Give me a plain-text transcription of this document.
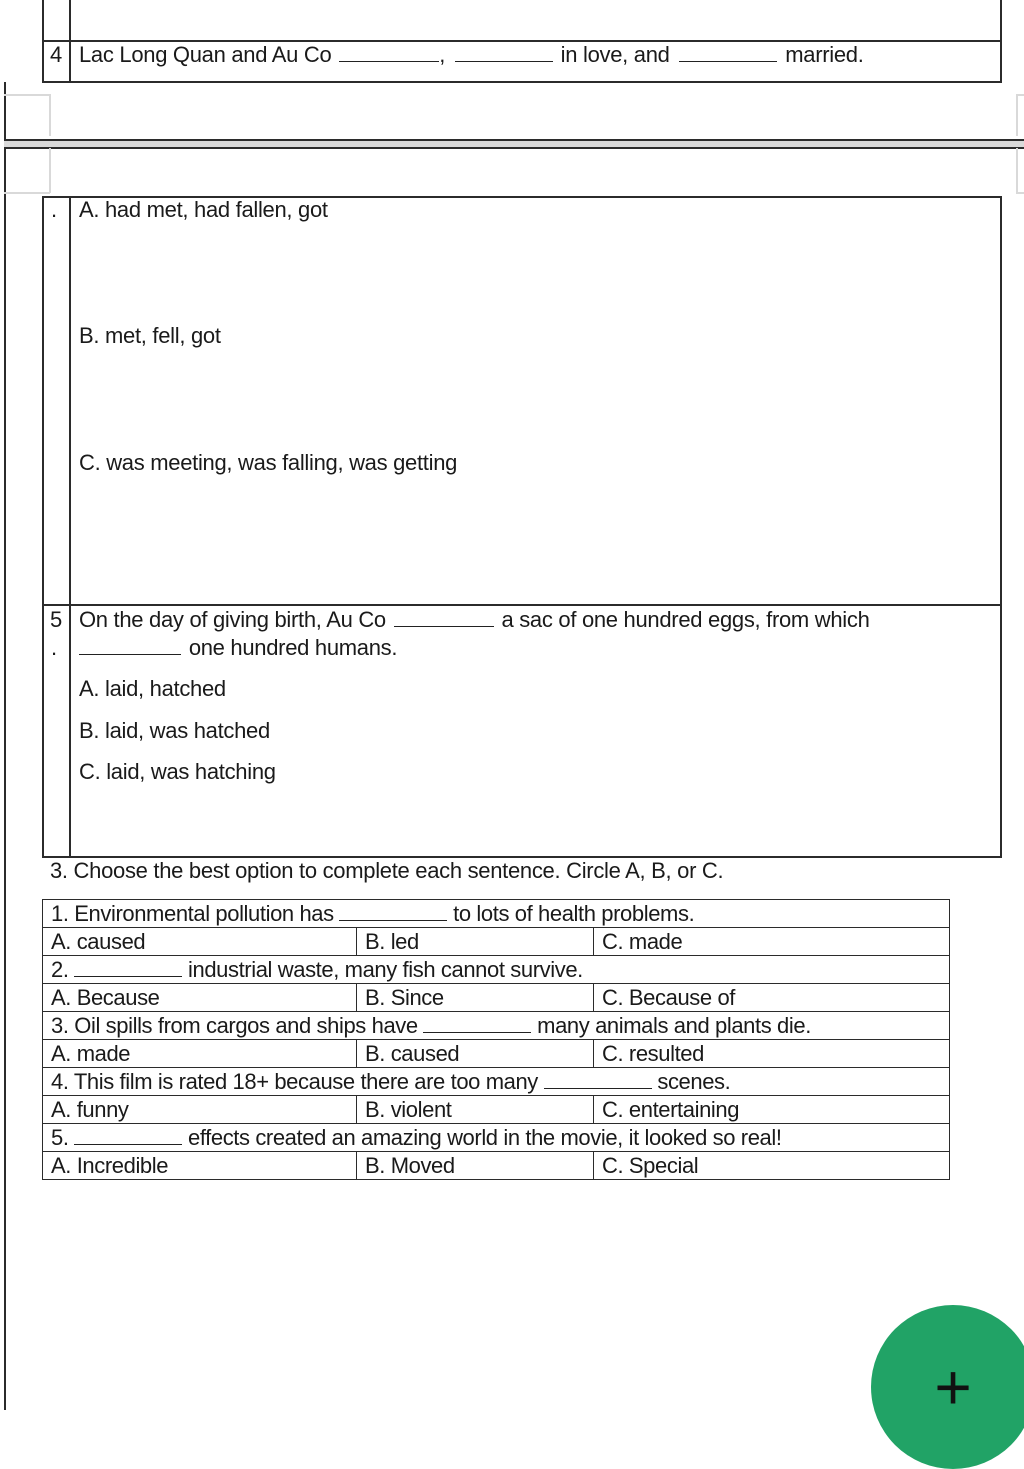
4 Lac Long Quan and Au Co	,	in love, and	married.
. A. had met, had fallen, got
B. met, fell, got
C. was meeting, was falling, was getting
5
.
On the day of giving birth, Au Co	a sac of one hundred eggs, from which
one hundred humans.
A. laid, hatched
B. laid, was hatched
C. laid, was hatching
3. Choose the best option to complete each sentence. Circle A, B, or C.
1. Environmental pollution has to lots of health problems.		
A. caused	B. led	C. made
2. industrial waste, many fish cannot survive.		
A. Because	B. Since	C. Because of
3. Oil spills from cargos and ships have many animals and plants die.		
A. made	B. caused	C. resulted
4. This film is rated 18+ because there are too many scenes.		
A. funny	B. violent	C. entertaining
5. effects created an amazing world in the movie, it looked so real!		
A. Incredible	B. Moved	C. Special
+
